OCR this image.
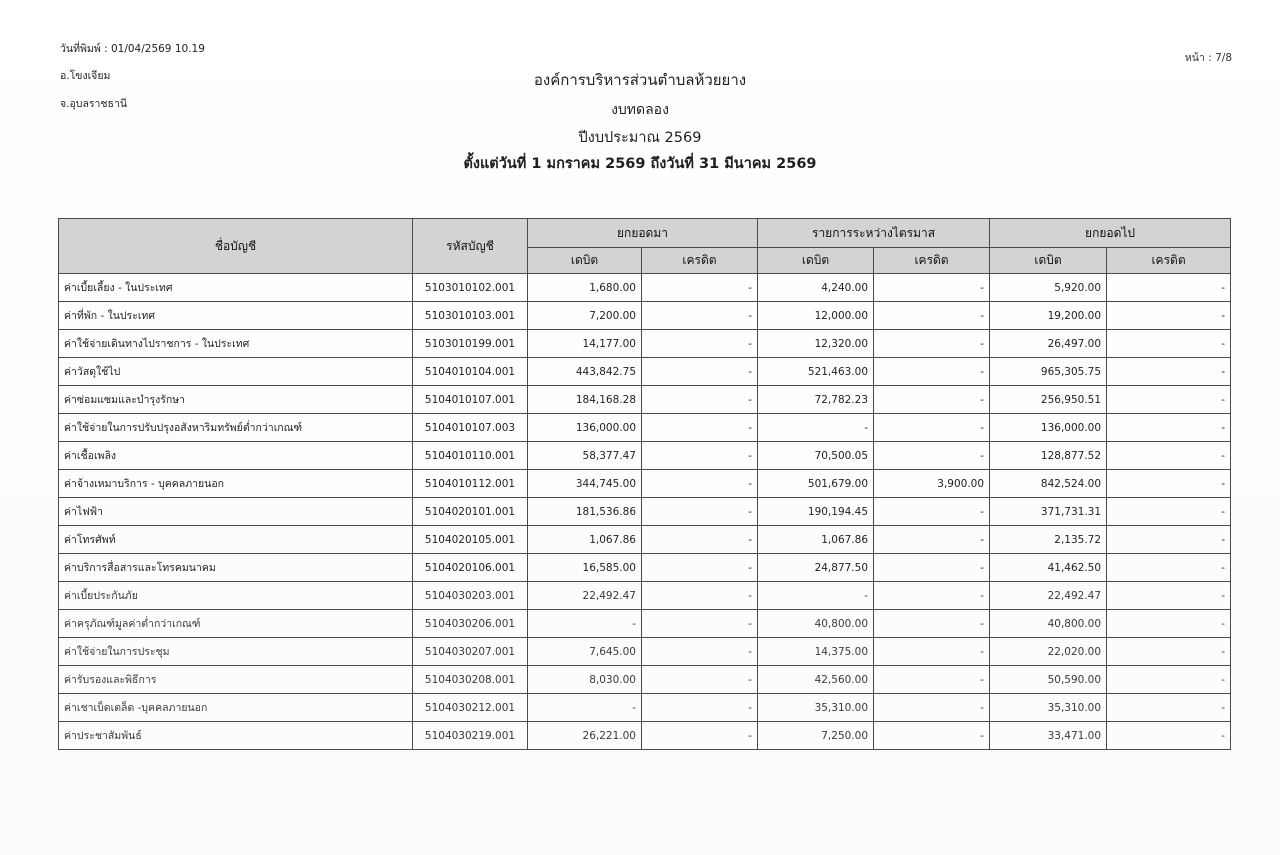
วันที่พิมพ์ : 01/04/2569 10.19
อ.โขงเจียม
จ.อุบลราชธานี
หน้า : 7/8
องค์การบริหารส่วนตำบลห้วยยาง
งบทดลอง
ปีงบประมาณ 2569
ตั้งแต่วันที่ 1 มกราคม 2569 ถึงวันที่ 31 มีนาคม 2569
ชื่อบัญชี	รหัสบัญชี	ยกยอดมา		รายการระหว่างไตรมาส		ยกยอดไป	
		เดบิต	เครดิต	เดบิต	เครดิต	เดบิต	เครดิต
ค่าเบี้ยเลี้ยง - ในประเทศ	5103010102.001	1,680.00	-	4,240.00	-	5,920.00	-
ค่าที่พัก - ในประเทศ	5103010103.001	7,200.00	-	12,000.00	-	19,200.00	-
ค่าใช้จ่ายเดินทางไปราชการ - ในประเทศ	5103010199.001	14,177.00	-	12,320.00	-	26,497.00	-
ค่าวัสดุใช้ไป	5104010104.001	443,842.75	-	521,463.00	-	965,305.75	-
ค่าซ่อมแซมและบำรุงรักษา	5104010107.001	184,168.28	-	72,782.23	-	256,950.51	-
ค่าใช้จ่ายในการปรับปรุงอสังหาริมทรัพย์ต่ำกว่าเกณฑ์	5104010107.003	136,000.00	-	-	-	136,000.00	-
ค่าเชื้อเพลิง	5104010110.001	58,377.47	-	70,500.05	-	128,877.52	-
ค่าจ้างเหมาบริการ - บุคคลภายนอก	5104010112.001	344,745.00	-	501,679.00	3,900.00	842,524.00	-
ค่าไฟฟ้า	5104020101.001	181,536.86	-	190,194.45	-	371,731.31	-
ค่าโทรศัพท์	5104020105.001	1,067.86	-	1,067.86	-	2,135.72	-
ค่าบริการสื่อสารและโทรคมนาคม	5104020106.001	16,585.00	-	24,877.50	-	41,462.50	-
ค่าเบี้ยประกันภัย	5104030203.001	22,492.47	-	-	-	22,492.47	-
ค่าครุภัณฑ์มูลค่าต่ำกว่าเกณฑ์	5104030206.001	-	-	40,800.00	-	40,800.00	-
ค่าใช้จ่ายในการประชุม	5104030207.001	7,645.00	-	14,375.00	-	22,020.00	-
ค่ารับรองและพิธีการ	5104030208.001	8,030.00	-	42,560.00	-	50,590.00	-
ค่าเชาเบ็ดเตล็ด -บุคคลภายนอก	5104030212.001	-	-	35,310.00	-	35,310.00	-
ค่าประชาสัมพันธ์	5104030219.001	26,221.00	-	7,250.00	-	33,471.00	-
